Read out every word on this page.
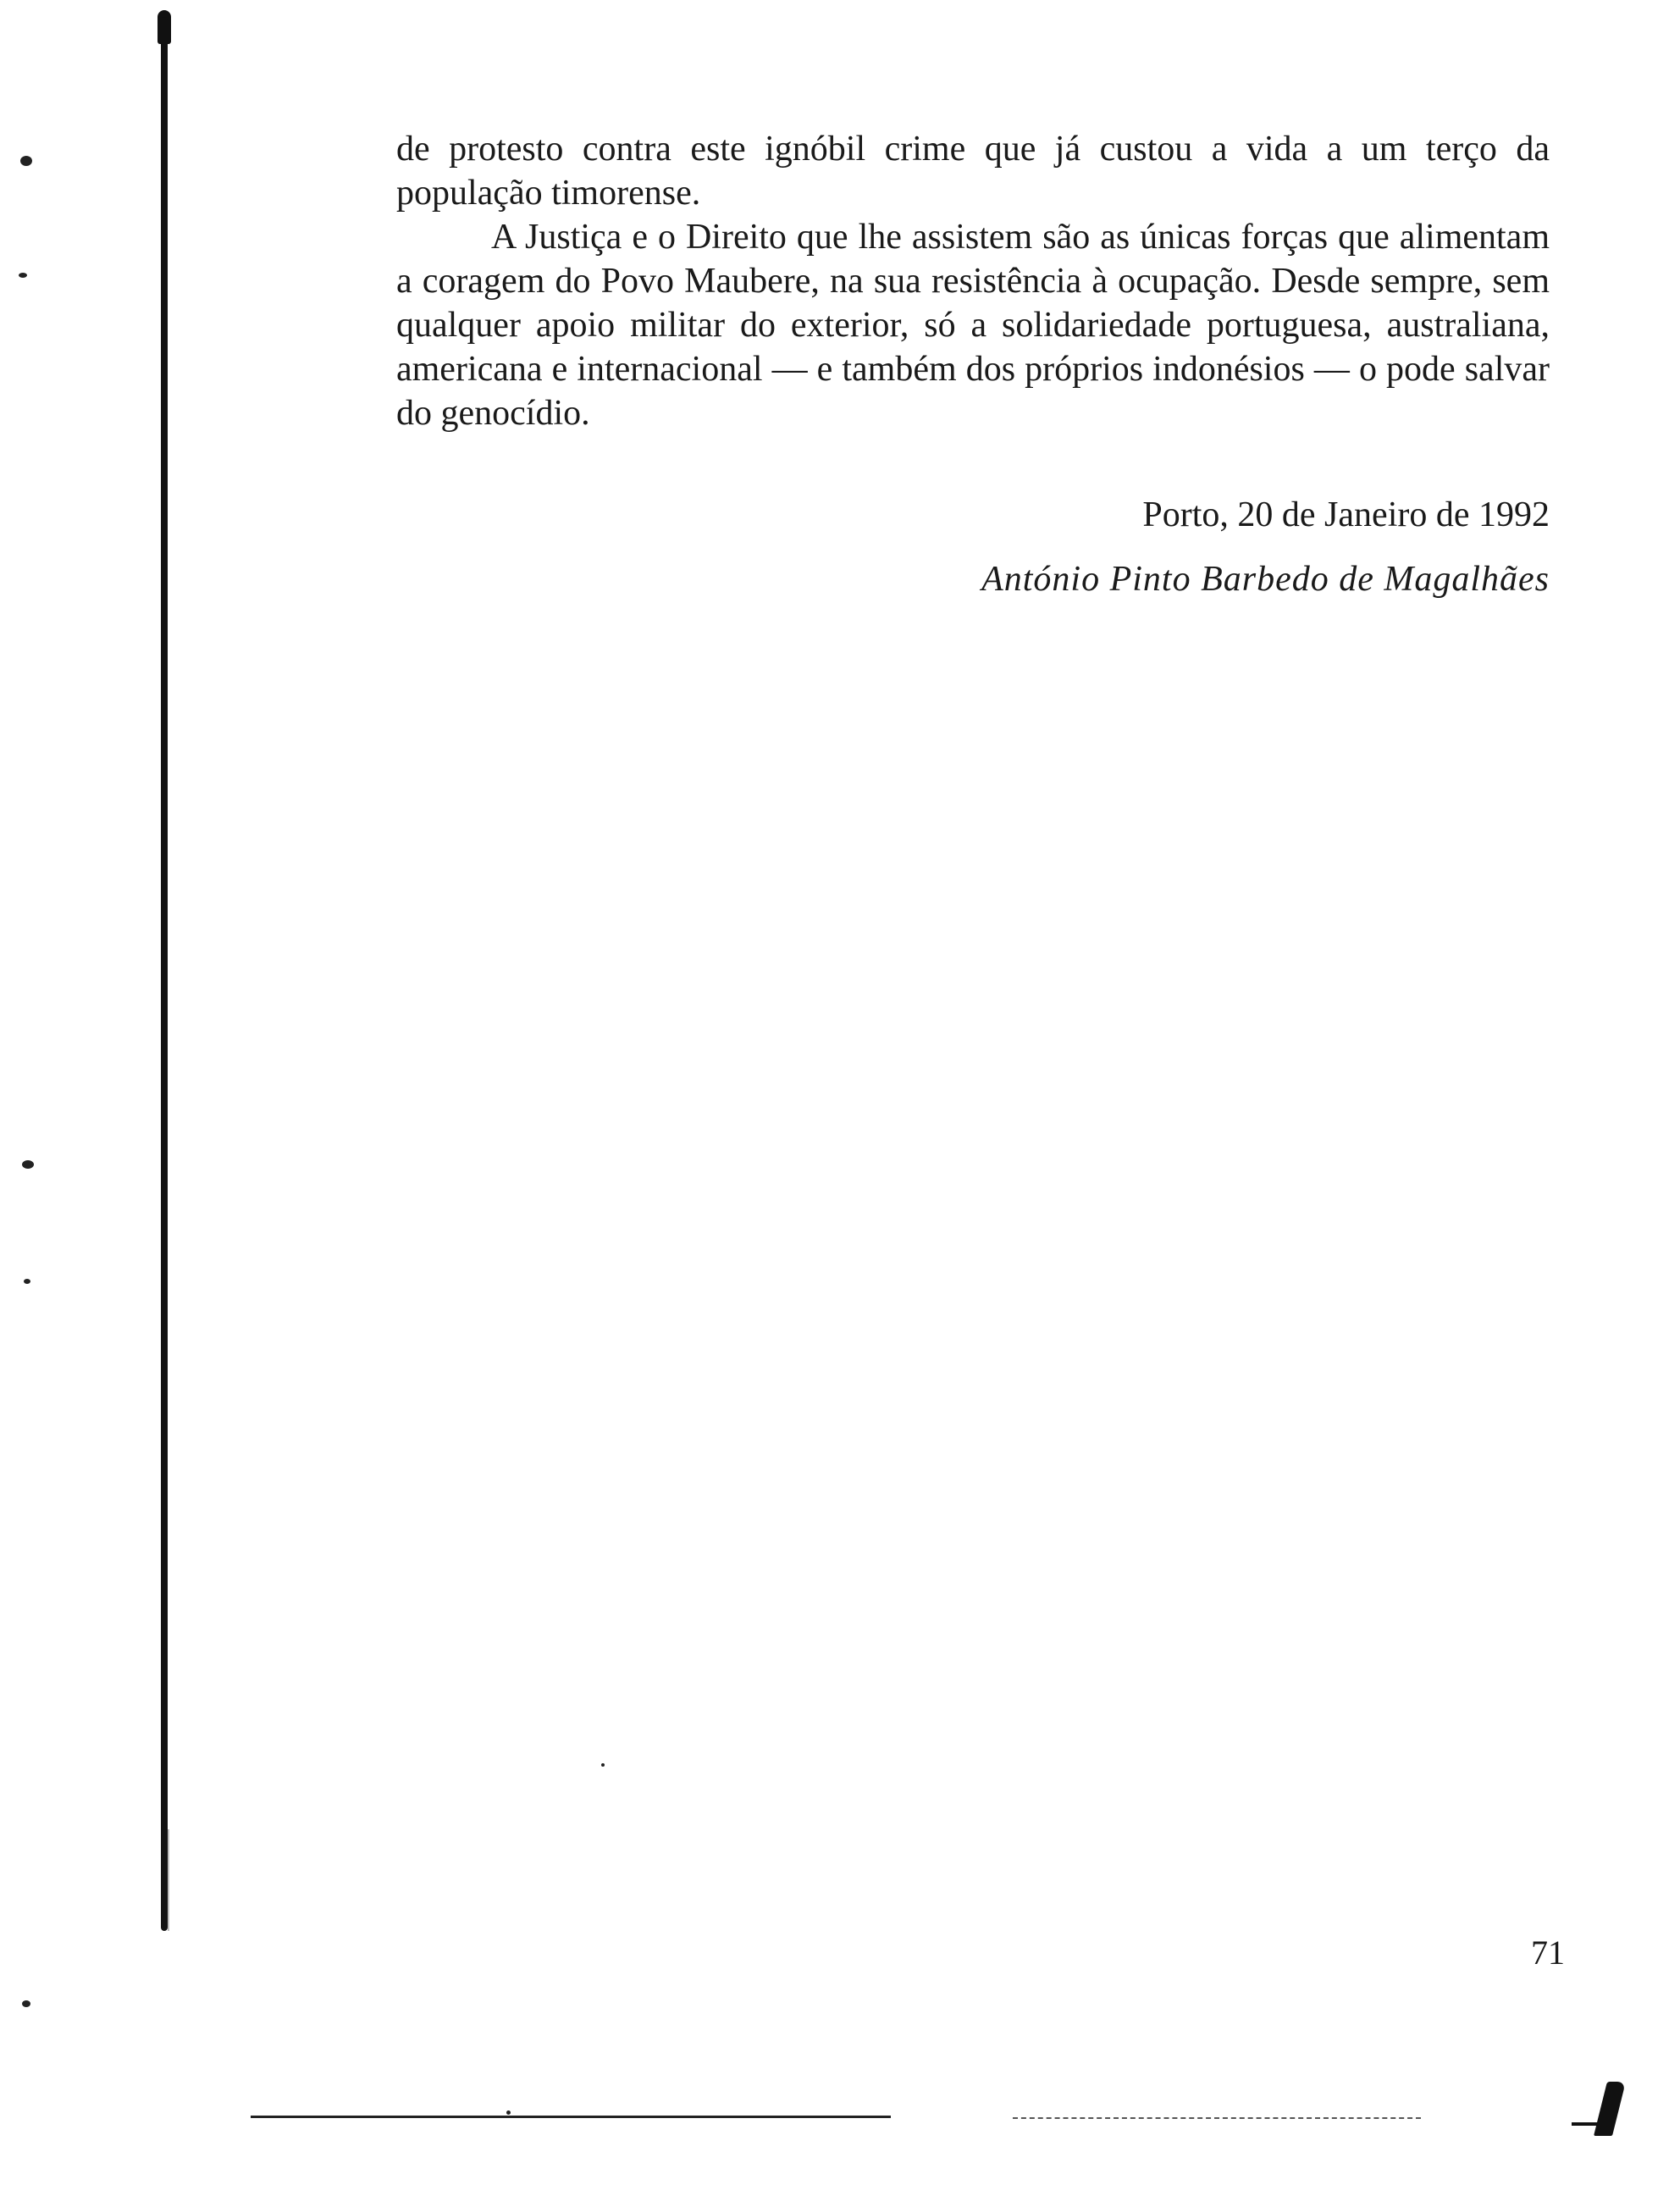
de protesto contra este ignóbil crime que já custou a vida a um terço da população timorense.

A Justiça e o Direito que lhe assistem são as únicas forças que alimentam a coragem do Povo Maubere, na sua resistência à ocupação. Desde sempre, sem qualquer apoio militar do exterior, só a solidariedade portuguesa, australiana, americana e internacional — e também dos próprios indonésios — o pode salvar do genocídio.

Porto, 20 de Janeiro de 1992
António Pinto Barbedo de Magalhães
71
